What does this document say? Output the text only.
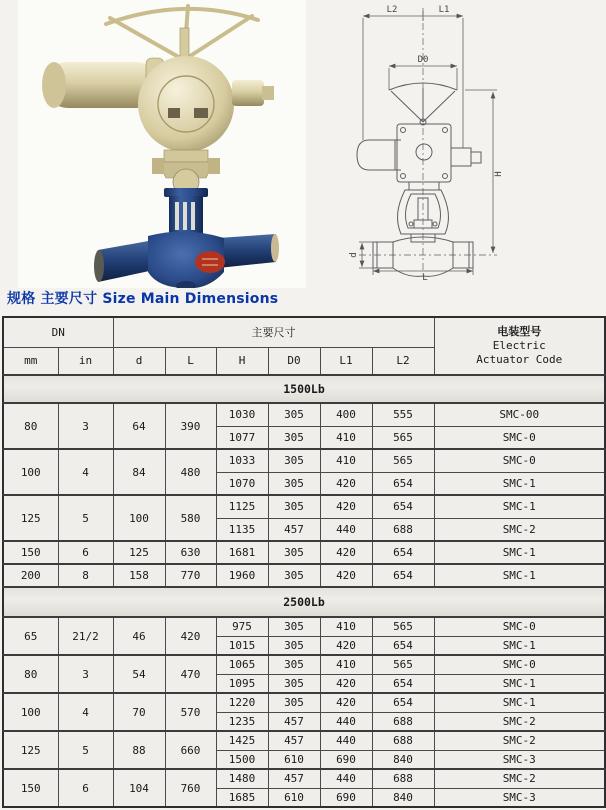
L2	L1
D0
H
d
L
规格 主要尺寸 Size Main Dimensions
DN		主要尺寸						电装型号
Electric
Actuator Code

mm	in	d	L	H	D0	L1	L2	
1500Lb								
80	3	64	390	1030	305	400	555	SMC-00
				1077	305	410	565	SMC-0
100	4	84	480	1033	305	410	565	SMC-0
				1070	305	420	654	SMC-1
125	5	100	580	1125	305	420	654	SMC-1
				1135	457	440	688	SMC-2
150	6	125	630	1681	305	420	654	SMC-1
200	8	158	770	1960	305	420	654	SMC-1
2500Lb								
65	21/2	46	420	975	305	410	565	SMC-0
				1015	305	420	654	SMC-1
80	3	54	470	1065	305	410	565	SMC-0
				1095	305	420	654	SMC-1
100	4	70	570	1220	305	420	654	SMC-1
				1235	457	440	688	SMC-2
125	5	88	660	1425	457	440	688	SMC-2
				1500	610	690	840	SMC-3
150	6	104	760	1480	457	440	688	SMC-2
				1685	610	690	840	SMC-3
